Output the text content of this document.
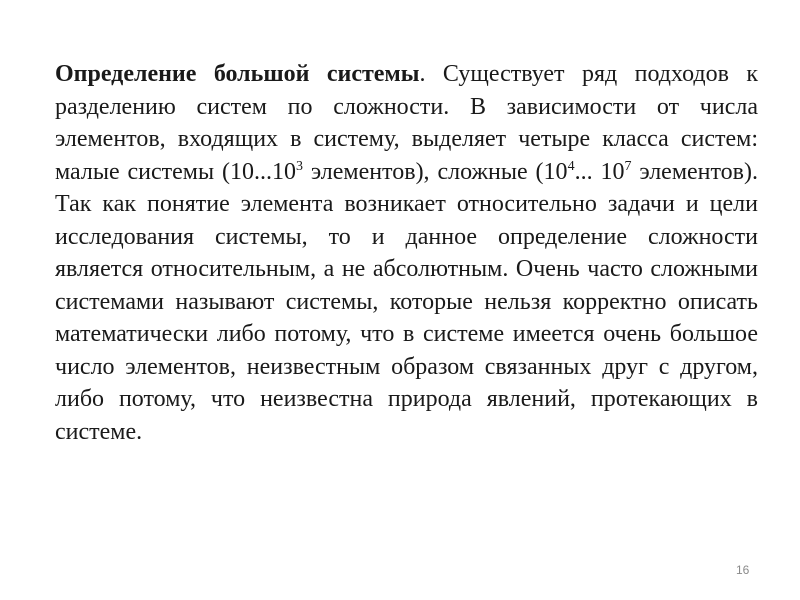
Определение большой системы. Существует ряд подходов к разделению систем по сложности. В зависимости от числа элементов, входящих в систему, выделяет четыре класса систем: малые системы (10...10$^3$ элементов), сложные ($10^4$... $10^7$ элементов). Так как понятие элемента возникает относительно задачи и цели исследования системы, то и данное определение сложности является относительным, а не абсолютным. Очень часто сложными системами называют системы, которые нельзя корректно описать математически либо потому, что в системе имеется очень большое число элементов, неизвестным образом связанных друг с другом, либо потому, что неизвестна природа явлений, протекающих в системе.

16
